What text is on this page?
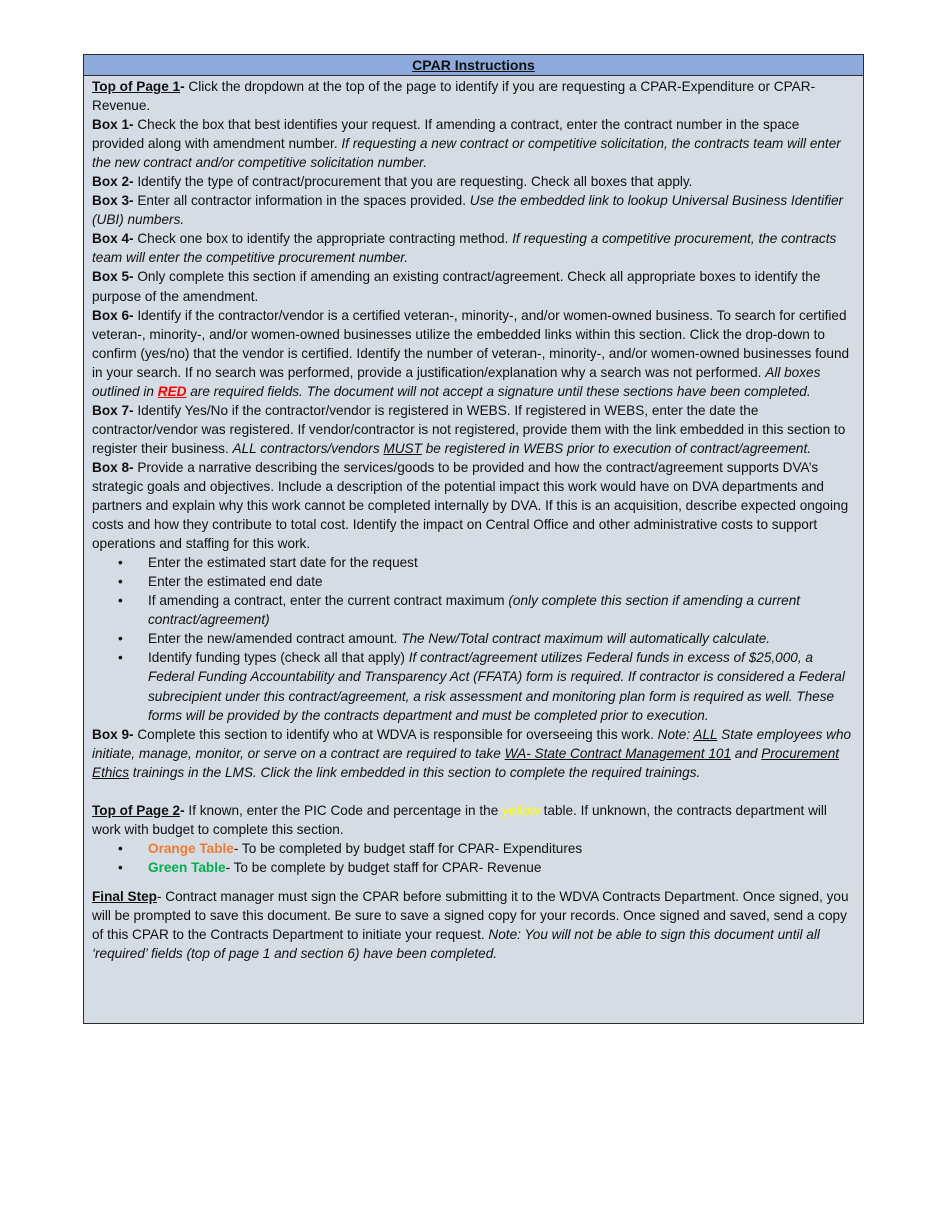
CPAR Instructions

Top of Page 1- Click the dropdown at the top of the page to identify if you are requesting a CPAR-Expenditure or CPAR-Revenue.

Box 1- Check the box that best identifies your request. If amending a contract, enter the contract number in the space provided along with amendment number. If requesting a new contract or competitive solicitation, the contracts team will enter the new contract and/or competitive solicitation number.

Box 2- Identify the type of contract/procurement that you are requesting. Check all boxes that apply.

Box 3- Enter all contractor information in the spaces provided. Use the embedded link to lookup Universal Business Identifier (UBI) numbers.

Box 4- Check one box to identify the appropriate contracting method. If requesting a competitive procurement, the contracts team will enter the competitive procurement number.

Box 5- Only complete this section if amending an existing contract/agreement. Check all appropriate boxes to identify the purpose of the amendment.

Box 6- Identify if the contractor/vendor is a certified veteran-, minority-, and/or women-owned business. To search for certified veteran-, minority-, and/or women-owned businesses utilize the embedded links within this section. Click the drop-down to confirm (yes/no) that the vendor is certified. Identify the number of veteran-, minority-, and/or women-owned businesses found in your search. If no search was performed, provide a justification/explanation why a search was not performed. All boxes outlined in RED are required fields. The document will not accept a signature until these sections have been completed.

Box 7- Identify Yes/No if the contractor/vendor is registered in WEBS. If registered in WEBS, enter the date the contractor/vendor was registered. If vendor/contractor is not registered, provide them with the link embedded in this section to register their business. ALL contractors/vendors MUST be registered in WEBS prior to execution of contract/agreement.

Box 8- Provide a narrative describing the services/goods to be provided and how the contract/agreement supports DVA’s strategic goals and objectives. Include a description of the potential impact this work would have on DVA departments and partners and explain why this work cannot be completed internally by DVA. If this is an acquisition, describe expected ongoing costs and how they contribute to total cost. Identify the impact on Central Office and other administrative costs to support operations and staffing for this work.

• Enter the estimated start date for the request
• Enter the estimated end date
• If amending a contract, enter the current contract maximum (only complete this section if amending a current contract/agreement)
• Enter the new/amended contract amount. The New/Total contract maximum will automatically calculate.
• Identify funding types (check all that apply) If contract/agreement utilizes Federal funds in excess of $25,000, a Federal Funding Accountability and Transparency Act (FFATA) form is required. If contractor is considered a Federal subrecipient under this contract/agreement, a risk assessment and monitoring plan form is required as well. These forms will be provided by the contracts department and must be completed prior to execution.

Box 9- Complete this section to identify who at WDVA is responsible for overseeing this work. Note: ALL State employees who initiate, manage, monitor, or serve on a contract are required to take WA- State Contract Management 101 and Procurement Ethics trainings in the LMS. Click the link embedded in this section to complete the required trainings.

Top of Page 2- If known, enter the PIC Code and percentage in the yellow table. If unknown, the contracts department will work with budget to complete this section.

• Orange Table- To be completed by budget staff for CPAR- Expenditures
• Green Table- To be complete by budget staff for CPAR- Revenue

Final Step- Contract manager must sign the CPAR before submitting it to the WDVA Contracts Department. Once signed, you will be prompted to save this document. Be sure to save a signed copy for your records. Once signed and saved, send a copy of this CPAR to the Contracts Department to initiate your request. Note: You will not be able to sign this document until all ‘required’ fields (top of page 1 and section 6) have been completed.
